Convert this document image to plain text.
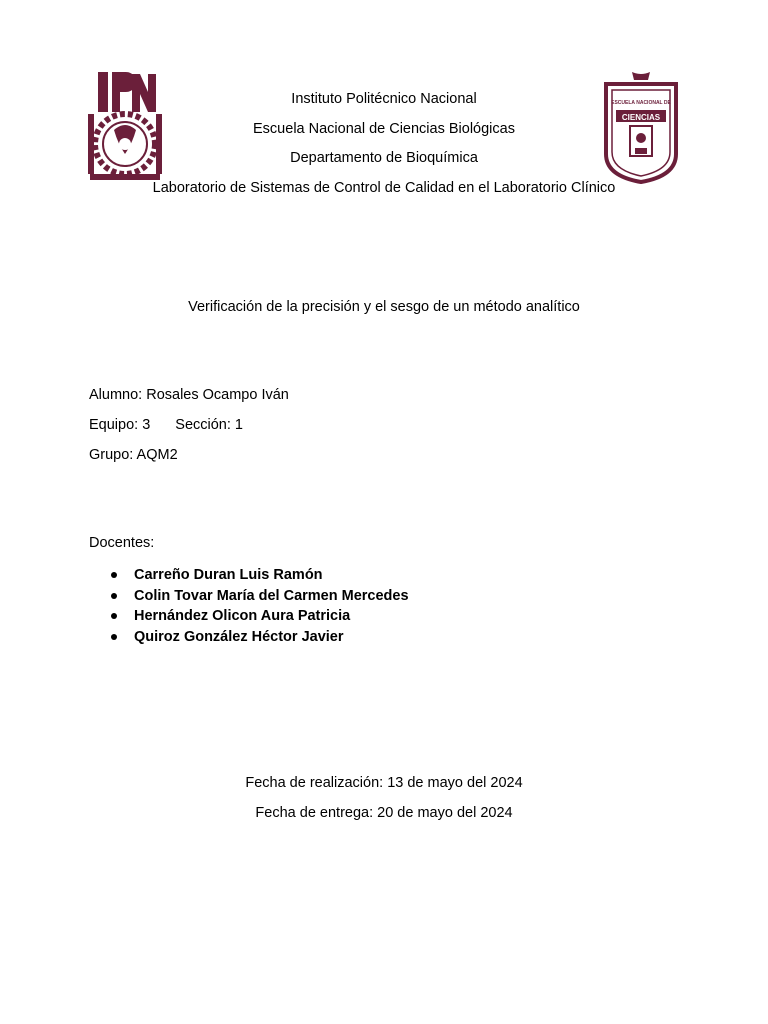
CIENCIAS
ESCUELA NACIONAL DE
Instituto Politécnico Nacional
Escuela Nacional de Ciencias Biológicas
Departamento de Bioquímica
Laboratorio de Sistemas de Control de Calidad en el Laboratorio Clínico
Verificación de la precisión y el sesgo de un método analítico
Alumno: Rosales Ocampo Iván
Equipo: 3 Sección: 1
Grupo: AQM2
Docentes:
Carreño Duran Luis Ramón
Colin Tovar María del Carmen Mercedes
Hernández Olicon Aura Patricia
Quiroz González Héctor Javier
Fecha de realización: 13 de mayo del 2024
Fecha de entrega: 20 de mayo del 2024
